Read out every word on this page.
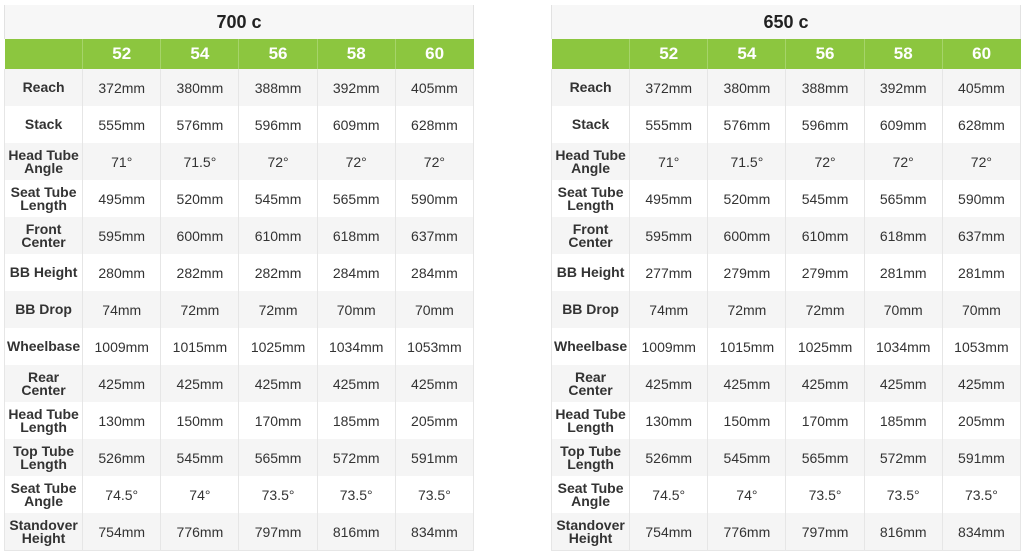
700 c					
	52	54	56	58	60
Reach	372mm	380mm	388mm	392mm	405mm
Stack	555mm	576mm	596mm	609mm	628mm
Head Tube Angle	71°	71.5°	72°	72°	72°
Seat Tube Length	495mm	520mm	545mm	565mm	590mm
Front Center	595mm	600mm	610mm	618mm	637mm
BB Height	280mm	282mm	282mm	284mm	284mm
BB Drop	74mm	72mm	72mm	70mm	70mm
Wheelbase	1009mm	1015mm	1025mm	1034mm	1053mm
Rear Center	425mm	425mm	425mm	425mm	425mm
Head Tube Length	130mm	150mm	170mm	185mm	205mm
Top Tube Length	526mm	545mm	565mm	572mm	591mm
Seat Tube Angle	74.5°	74°	73.5°	73.5°	73.5°
Standover Height	754mm	776mm	797mm	816mm	834mm
650 c					
	52	54	56	58	60
Reach	372mm	380mm	388mm	392mm	405mm
Stack	555mm	576mm	596mm	609mm	628mm
Head Tube Angle	71°	71.5°	72°	72°	72°
Seat Tube Length	495mm	520mm	545mm	565mm	590mm
Front Center	595mm	600mm	610mm	618mm	637mm
BB Height	277mm	279mm	279mm	281mm	281mm
BB Drop	74mm	72mm	72mm	70mm	70mm
Wheelbase	1009mm	1015mm	1025mm	1034mm	1053mm
Rear Center	425mm	425mm	425mm	425mm	425mm
Head Tube Length	130mm	150mm	170mm	185mm	205mm
Top Tube Length	526mm	545mm	565mm	572mm	591mm
Seat Tube Angle	74.5°	74°	73.5°	73.5°	73.5°
Standover Height	754mm	776mm	797mm	816mm	834mm
